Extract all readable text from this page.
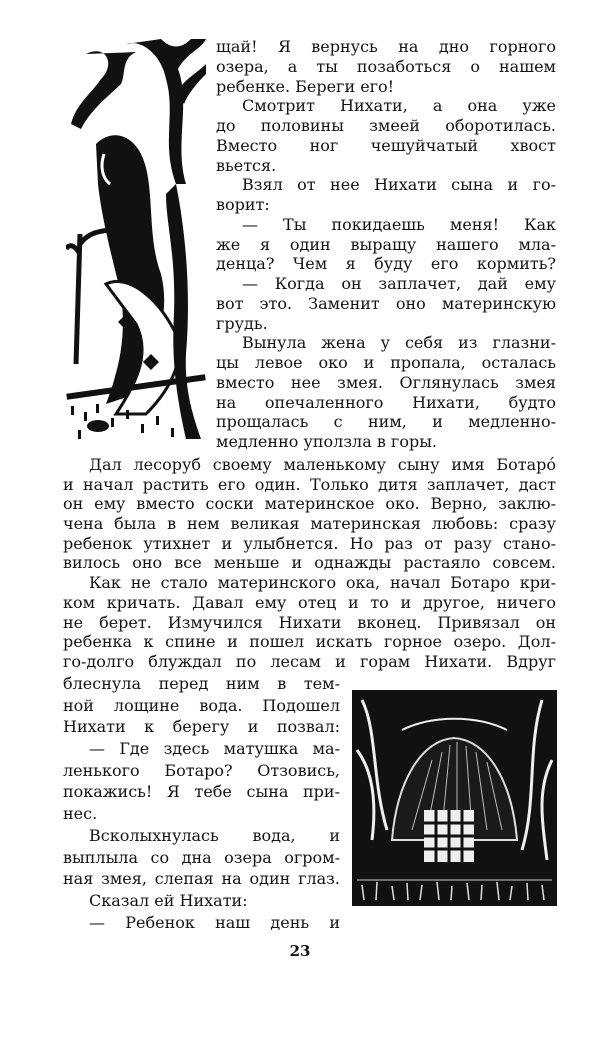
щай! Я вернусь на дно горного
озера, а ты позаботься о нашем
ребенке. Береги его!
Смотрит Нихати, а она уже
до половины змеей оборотилась.
Вместо ног чешуйчатый хвост
вьется.
Взял от нее Нихати сына и го-
ворит:
— Ты покидаешь меня! Как
же я один выращу нашего мла-
денца? Чем я буду его кормить?
— Когда он заплачет, дай ему
вот это. Заменит оно материнскую
грудь.
Вынула жена у себя из глазни-
цы левое око и пропала, осталась
вместо нее змея. Оглянулась змея
на опечаленного Нихати, будто
прощалась с ним, и медленно-
медленно уползла в горы.
Дал лесоруб своему маленькому сыну имя Ботаро́
и начал растить его один. Только дитя заплачет, даст
он ему вместо соски материнское око. Верно, заклю-
чена была в нем великая материнская любовь: сразу
ребенок утихнет и улыбнется. Но раз от разу стано-
вилось оно все меньше и однажды растаяло совсем.
Как не стало материнского ока, начал Ботаро кри-
ком кричать. Давал ему отец и то и другое, ничего
не берет. Измучился Нихати вконец. Привязал он
ребенка к спине и пошел искать горное озеро. Дол-
го-долго блуждал по лесам и горам Нихати. Вдруг
блеснула перед ним в тем-
ной лощине вода. Подошел
Нихати к берегу и позвал:
— Где здесь матушка ма-
ленького Ботаро? Отзовись,
покажись! Я тебе сына при-
нес.
Всколыхнулась вода, и
выплыла со дна озера огром-
ная змея, слепая на один глаз.
Сказал ей Нихати:
— Ребенок наш день и
23
